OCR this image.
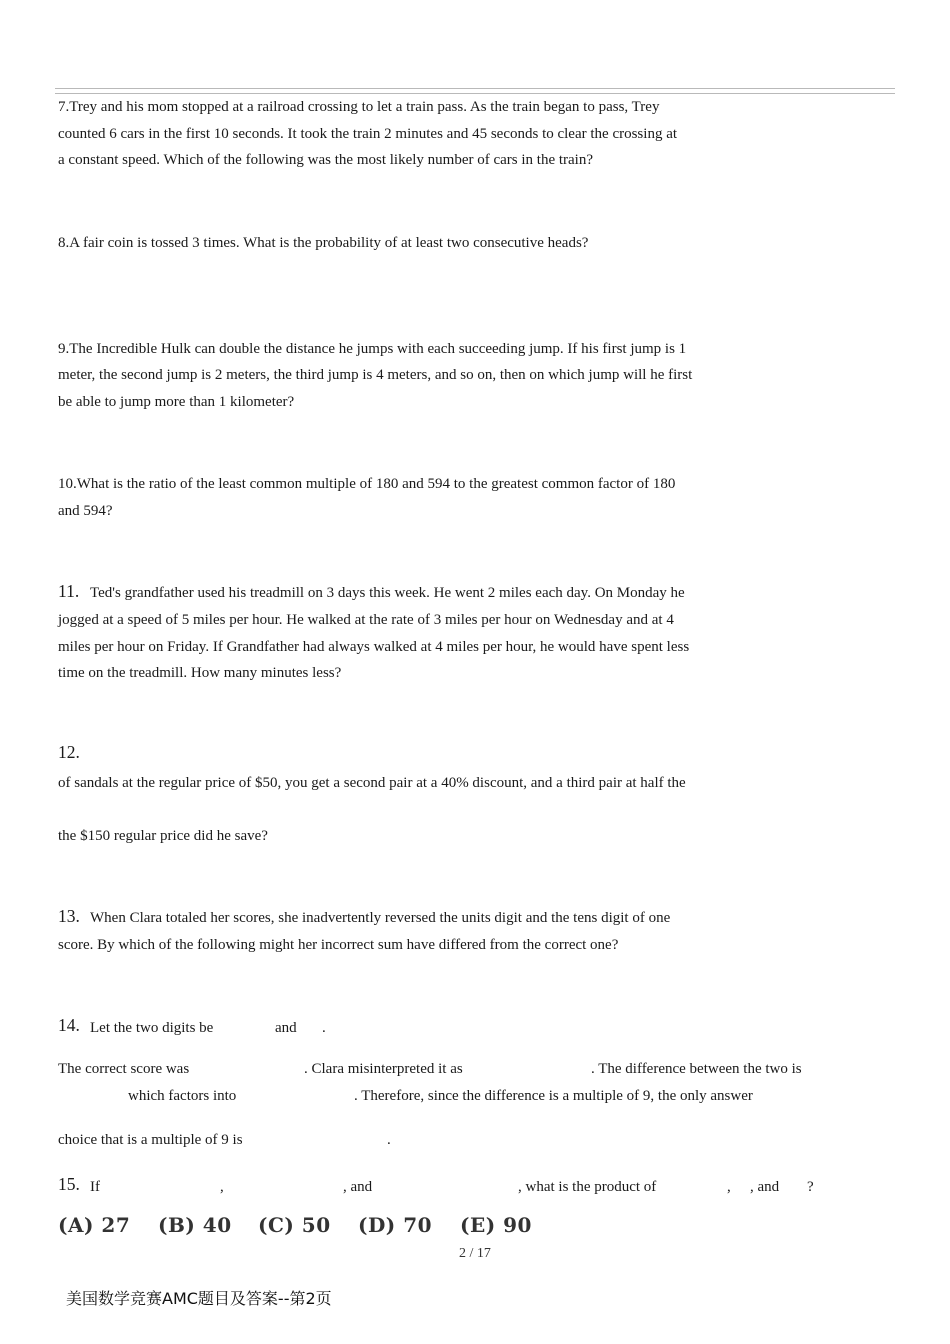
7.Trey and his mom stopped at a railroad crossing to let a train pass. As the train began to pass, Trey
counted 6 cars in the first 10 seconds. It took the train 2 minutes and 45 seconds to clear the crossing at
a constant speed. Which of the following was the most likely number of cars in the train?
8.A fair coin is tossed 3 times. What is the probability of at least two consecutive heads?
9.The Incredible Hulk can double the distance he jumps with each succeeding jump. If his first jump is 1
meter, the second jump is 2 meters, the third jump is 4 meters, and so on, then on which jump will he first
be able to jump more than 1 kilometer?
10.What is the ratio of the least common multiple of 180 and 594 to the greatest common factor of 180
and 594?
11. Ted's grandfather used his treadmill on 3 days this week. He went 2 miles each day. On Monday he
jogged at a speed of 5 miles per hour. He walked at the rate of 3 miles per hour on Wednesday and at 4
miles per hour on Friday. If Grandfather had always walked at 4 miles per hour, he would have spent less
time on the treadmill. How many minutes less?
12.
of sandals at the regular price of $50, you get a second pair at a 40% discount, and a third pair at half the
the $150 regular price did he save?
13. When Clara totaled her scores, she inadvertently reversed the units digit and the tens digit of one
score. By which of the following might her incorrect sum have differed from the correct one?
14. Let the two digits be	and .
The correct score was	. Clara misinterpreted it as	. The difference between the two is
which factors into	. Therefore, since the difference is a multiple of 9, the only answer
choice that is a multiple of 9 is	.
15. If	,	, and	, what is the product of	, , and ?
(A) 27 (B) 40 (C) 50 (D) 70 (E) 90
2 / 17
美国数学竞赛AMC题目及答案--第2页
